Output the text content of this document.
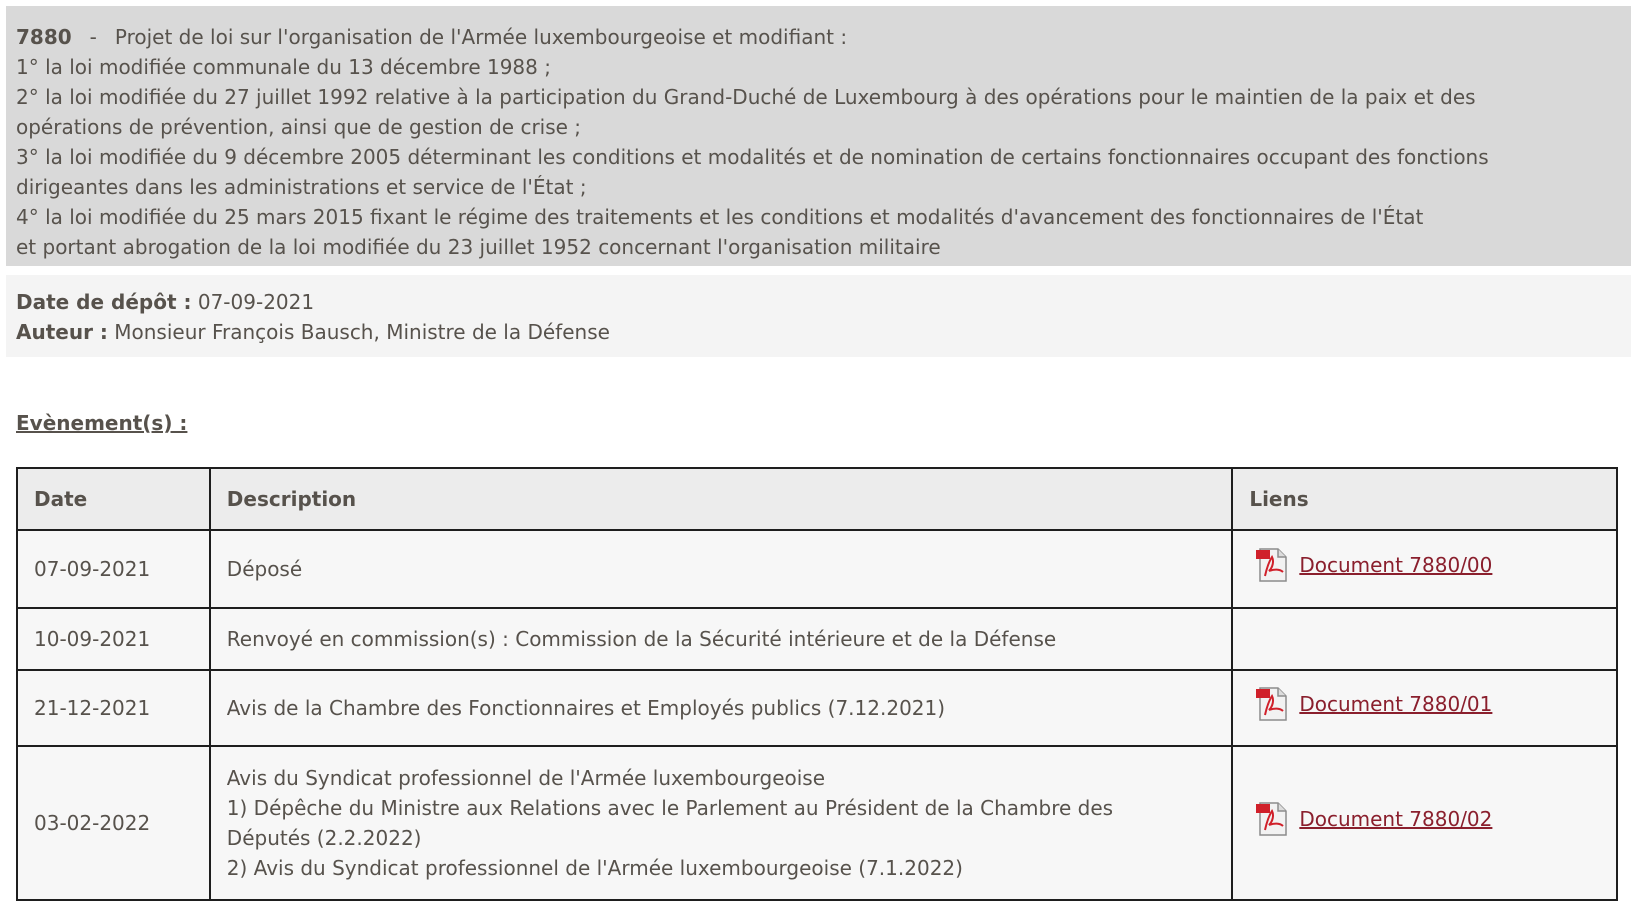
7880 - Projet de loi sur l'organisation de l'Armée luxembourgeoise et modifiant :
1° la loi modifiée communale du 13 décembre 1988 ;
2° la loi modifiée du 27 juillet 1992 relative à la participation du Grand-Duché de Luxembourg à des opérations pour le maintien de la paix et des
opérations de prévention, ainsi que de gestion de crise ;
3° la loi modifiée du 9 décembre 2005 déterminant les conditions et modalités et de nomination de certains fonctionnaires occupant des fonctions
dirigeantes dans les administrations et service de l'État ;
4° la loi modifiée du 25 mars 2015 fixant le régime des traitements et les conditions et modalités d'avancement des fonctionnaires de l'État
et portant abrogation de la loi modifiée du 23 juillet 1952 concernant l'organisation militaire
Date de dépôt : 07-09-2021
Auteur : Monsieur François Bausch, Ministre de la Défense
Evènement(s) :
Date	Description	Liens
07-09-2021	Déposé	Document 7880/00

10-09-2021	Renvoyé en commission(s) : Commission de la Sécurité intérieure et de la Défense	

21-12-2021	Avis de la Chambre des Fonctionnaires et Employés publics (7.12.2021)	Document 7880/01

03-02-2022	Avis du Syndicat professionnel de l'Armée luxembourgeoise
1) Dépêche du Ministre aux Relations avec le Parlement au Président de la Chambre des
Députés (2.2.2022)
2) Avis du Syndicat professionnel de l'Armée luxembourgeoise (7.1.2022)	Document 7880/02
